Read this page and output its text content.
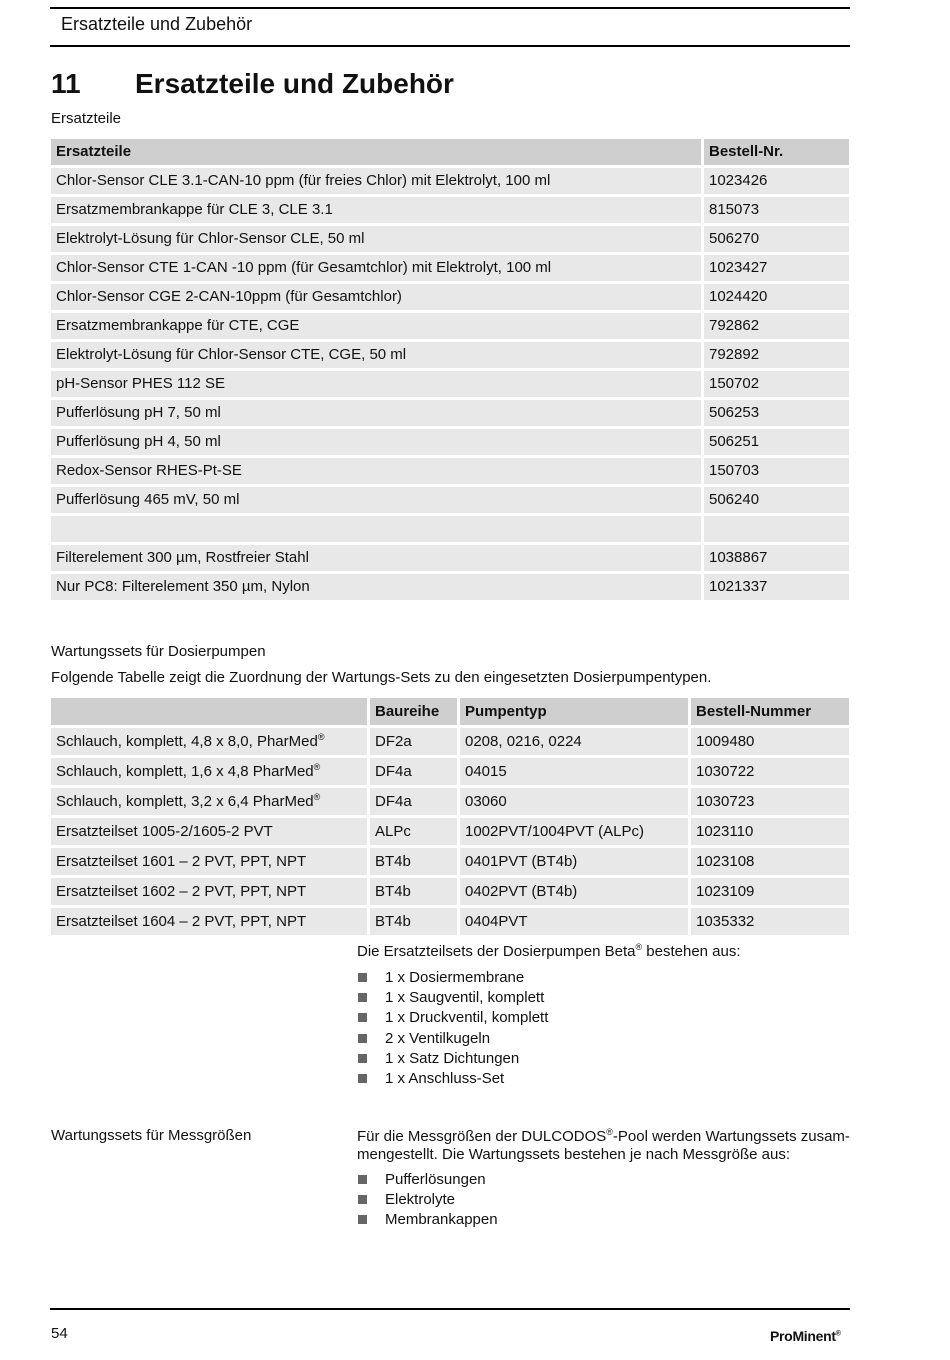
Ersatzteile und Zubehör
11 Ersatzteile und Zubehör
Ersatzteile
Ersatzteile	Bestell-Nr.
Chlor-Sensor CLE 3.1-CAN-10 ppm (für freies Chlor) mit Elektrolyt, 100 ml	1023426
Ersatzmembrankappe für CLE 3, CLE 3.1	815073
Elektrolyt-Lösung für Chlor-Sensor CLE, 50 ml	506270
Chlor-Sensor CTE 1-CAN -10 ppm (für Gesamtchlor) mit Elektrolyt, 100 ml	1023427
Chlor-Sensor CGE 2-CAN-10ppm (für Gesamtchlor)	1024420
Ersatzmembrankappe für CTE, CGE	792862
Elektrolyt-Lösung für Chlor-Sensor CTE, CGE, 50 ml	792892
pH-Sensor PHES 112 SE	150702
Pufferlösung pH 7, 50 ml	506253
Pufferlösung pH 4, 50 ml	506251
Redox-Sensor RHES-Pt-SE	150703
Pufferlösung 465 mV, 50 ml	506240

Filterelement 300 µm, Rostfreier Stahl	1038867
Nur PC8: Filterelement 350 µm, Nylon	1021337
Wartungssets für Dosierpumpen
Folgende Tabelle zeigt die Zuordnung der Wartungs-Sets zu den eingesetzten Dosierpumpentypen.
	Baureihe	Pumpentyp	Bestell-Nummer
Schlauch, komplett, 4,8 x 8,0, PharMed®	DF2a	0208, 0216, 0224	1009480
Schlauch, komplett, 1,6 x 4,8 PharMed®	DF4a	04015	1030722
Schlauch, komplett, 3,2 x 6,4 PharMed®	DF4a	03060	1030723
Ersatzteilset 1005-2/1605-2 PVT	ALPc	1002PVT/1004PVT (ALPc)	1023110
Ersatzteilset 1601 – 2 PVT, PPT, NPT	BT4b	0401PVT (BT4b)	1023108
Ersatzteilset 1602 – 2 PVT, PPT, NPT	BT4b	0402PVT (BT4b)	1023109
Ersatzteilset 1604 – 2 PVT, PPT, NPT	BT4b	0404PVT	1035332
Die Ersatzteilsets der Dosierpumpen Beta® bestehen aus:
1 x Dosiermembrane
1 x Saugventil, komplett
1 x Druckventil, komplett
2 x Ventilkugeln
1 x Satz Dichtungen
1 x Anschluss-Set
Wartungssets für Messgrößen	Für die Messgrößen der DULCODOS®-Pool werden Wartungssets zusam-mengestellt. Die Wartungssets bestehen je nach Messgröße aus:
Pufferlösungen
Elektrolyte
Membrankappen
54	ProMinent®
